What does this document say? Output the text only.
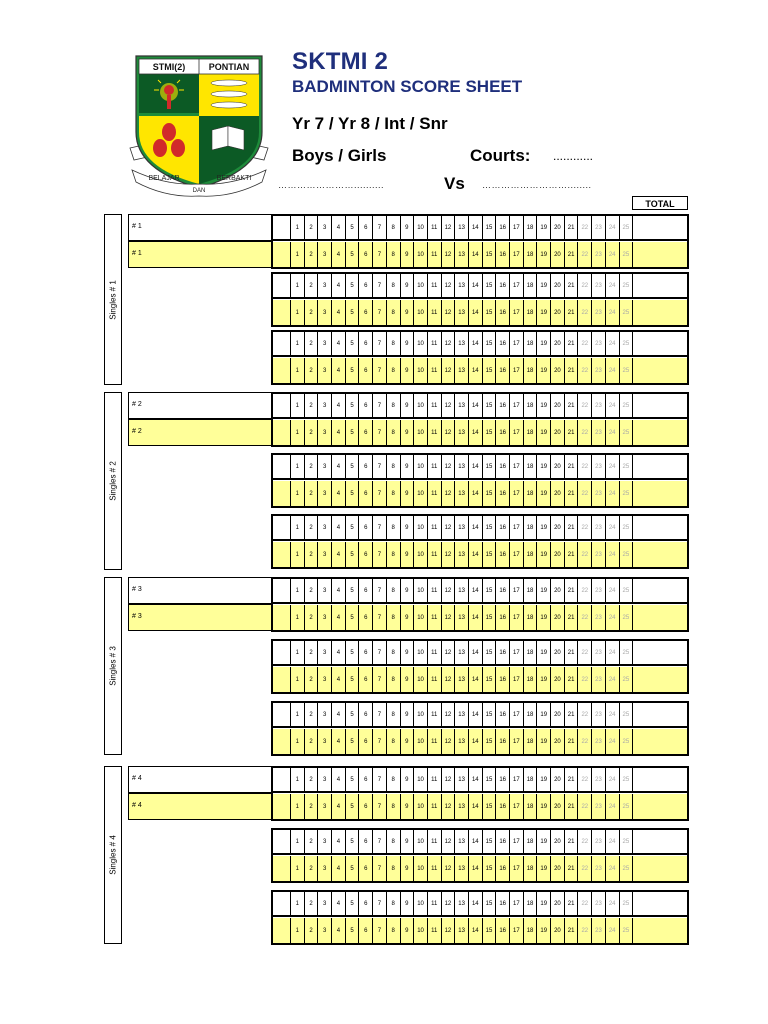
STMI(2)	PONTIAN
BELAJAR
DAN
BERBAKTI
SKTMI 2
BADMINTON SCORE SHEET
Yr 7 / Yr 8 / Int / Snr
Boys / Girls	Courts: ............
……………………..........	Vs ………………………........
TOTAL
Singles # 1
# 1
# 1
1	2	3	4	5	6	7	8	9	10	11	12	13	14	15	16	17	18	19	20	21	22	23	24	25
1	2	3	4	5	6	7	8	9	10	11	12	13	14	15	16	17	18	19	20	21	22	23	24	25
1	2	3	4	5	6	7	8	9	10	11	12	13	14	15	16	17	18	19	20	21	22	23	24	25
1	2	3	4	5	6	7	8	9	10	11	12	13	14	15	16	17	18	19	20	21	22	23	24	25
1	2	3	4	5	6	7	8	9	10	11	12	13	14	15	16	17	18	19	20	21	22	23	24	25
1	2	3	4	5	6	7	8	9	10	11	12	13	14	15	16	17	18	19	20	21	22	23	24	25
Singles # 2
# 2
# 2
1	2	3	4	5	6	7	8	9	10	11	12	13	14	15	16	17	18	19	20	21	22	23	24	25
1	2	3	4	5	6	7	8	9	10	11	12	13	14	15	16	17	18	19	20	21	22	23	24	25
1	2	3	4	5	6	7	8	9	10	11	12	13	14	15	16	17	18	19	20	21	22	23	24	25
1	2	3	4	5	6	7	8	9	10	11	12	13	14	15	16	17	18	19	20	21	22	23	24	25
1	2	3	4	5	6	7	8	9	10	11	12	13	14	15	16	17	18	19	20	21	22	23	24	25
1	2	3	4	5	6	7	8	9	10	11	12	13	14	15	16	17	18	19	20	21	22	23	24	25
Singles # 3
# 3
# 3
1	2	3	4	5	6	7	8	9	10	11	12	13	14	15	16	17	18	19	20	21	22	23	24	25
1	2	3	4	5	6	7	8	9	10	11	12	13	14	15	16	17	18	19	20	21	22	23	24	25
1	2	3	4	5	6	7	8	9	10	11	12	13	14	15	16	17	18	19	20	21	22	23	24	25
1	2	3	4	5	6	7	8	9	10	11	12	13	14	15	16	17	18	19	20	21	22	23	24	25
1	2	3	4	5	6	7	8	9	10	11	12	13	14	15	16	17	18	19	20	21	22	23	24	25
1	2	3	4	5	6	7	8	9	10	11	12	13	14	15	16	17	18	19	20	21	22	23	24	25
Singles # 4
# 4
# 4
1	2	3	4	5	6	7	8	9	10	11	12	13	14	15	16	17	18	19	20	21	22	23	24	25
1	2	3	4	5	6	7	8	9	10	11	12	13	14	15	16	17	18	19	20	21	22	23	24	25
1	2	3	4	5	6	7	8	9	10	11	12	13	14	15	16	17	18	19	20	21	22	23	24	25
1	2	3	4	5	6	7	8	9	10	11	12	13	14	15	16	17	18	19	20	21	22	23	24	25
1	2	3	4	5	6	7	8	9	10	11	12	13	14	15	16	17	18	19	20	21	22	23	24	25
1	2	3	4	5	6	7	8	9	10	11	12	13	14	15	16	17	18	19	20	21	22	23	24	25
